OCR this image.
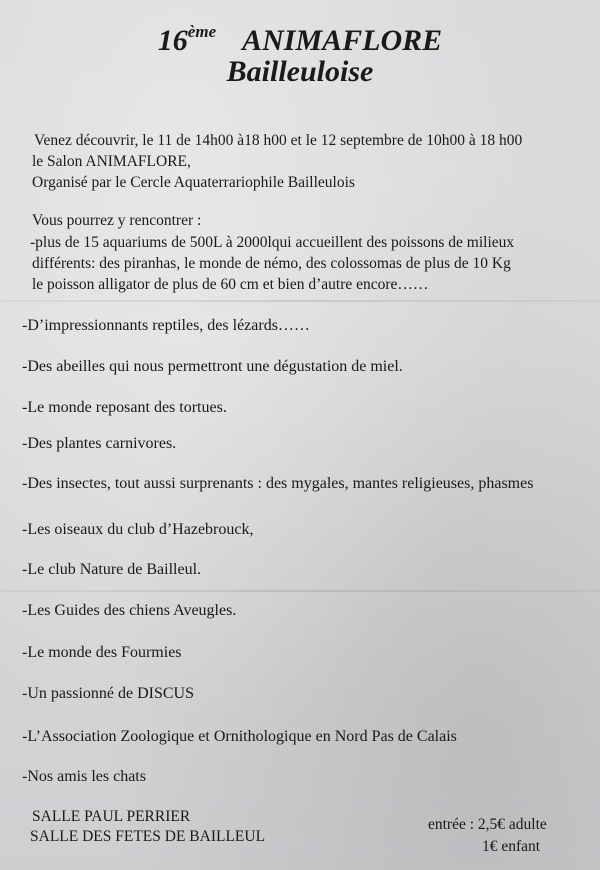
16ème ANIMAFLORE
Bailleuloise
Venez découvrir, le 11 de 14h00 à18 h00 et le 12 septembre de 10h00 à 18 h00
le Salon ANIMAFLORE,
Organisé par le Cercle Aquaterrariophile Bailleulois
Vous pourrez y rencontrer :
-plus de 15 aquariums de 500L à 2000lqui accueillent des poissons de milieux
différents: des piranhas, le monde de némo, des colossomas de plus de 10 Kg
le poisson alligator de plus de 60 cm et bien d’autre encore……
-D’impressionnants reptiles, des lézards……
-Des abeilles qui nous permettront une dégustation de miel.
-Le monde reposant des tortues.
-Des plantes carnivores.
-Des insectes, tout aussi surprenants : des mygales, mantes religieuses, phasmes
-Les oiseaux du club d’Hazebrouck,
-Le club Nature de Bailleul.
-Les Guides des chiens Aveugles.
-Le monde des Fourmies
-Un passionné de DISCUS
-L’Association Zoologique et Ornithologique en Nord Pas de Calais
-Nos amis les chats
SALLE PAUL PERRIER
SALLE DES FETES DE BAILLEUL
entrée : 2,5€ adulte
1€ enfant
